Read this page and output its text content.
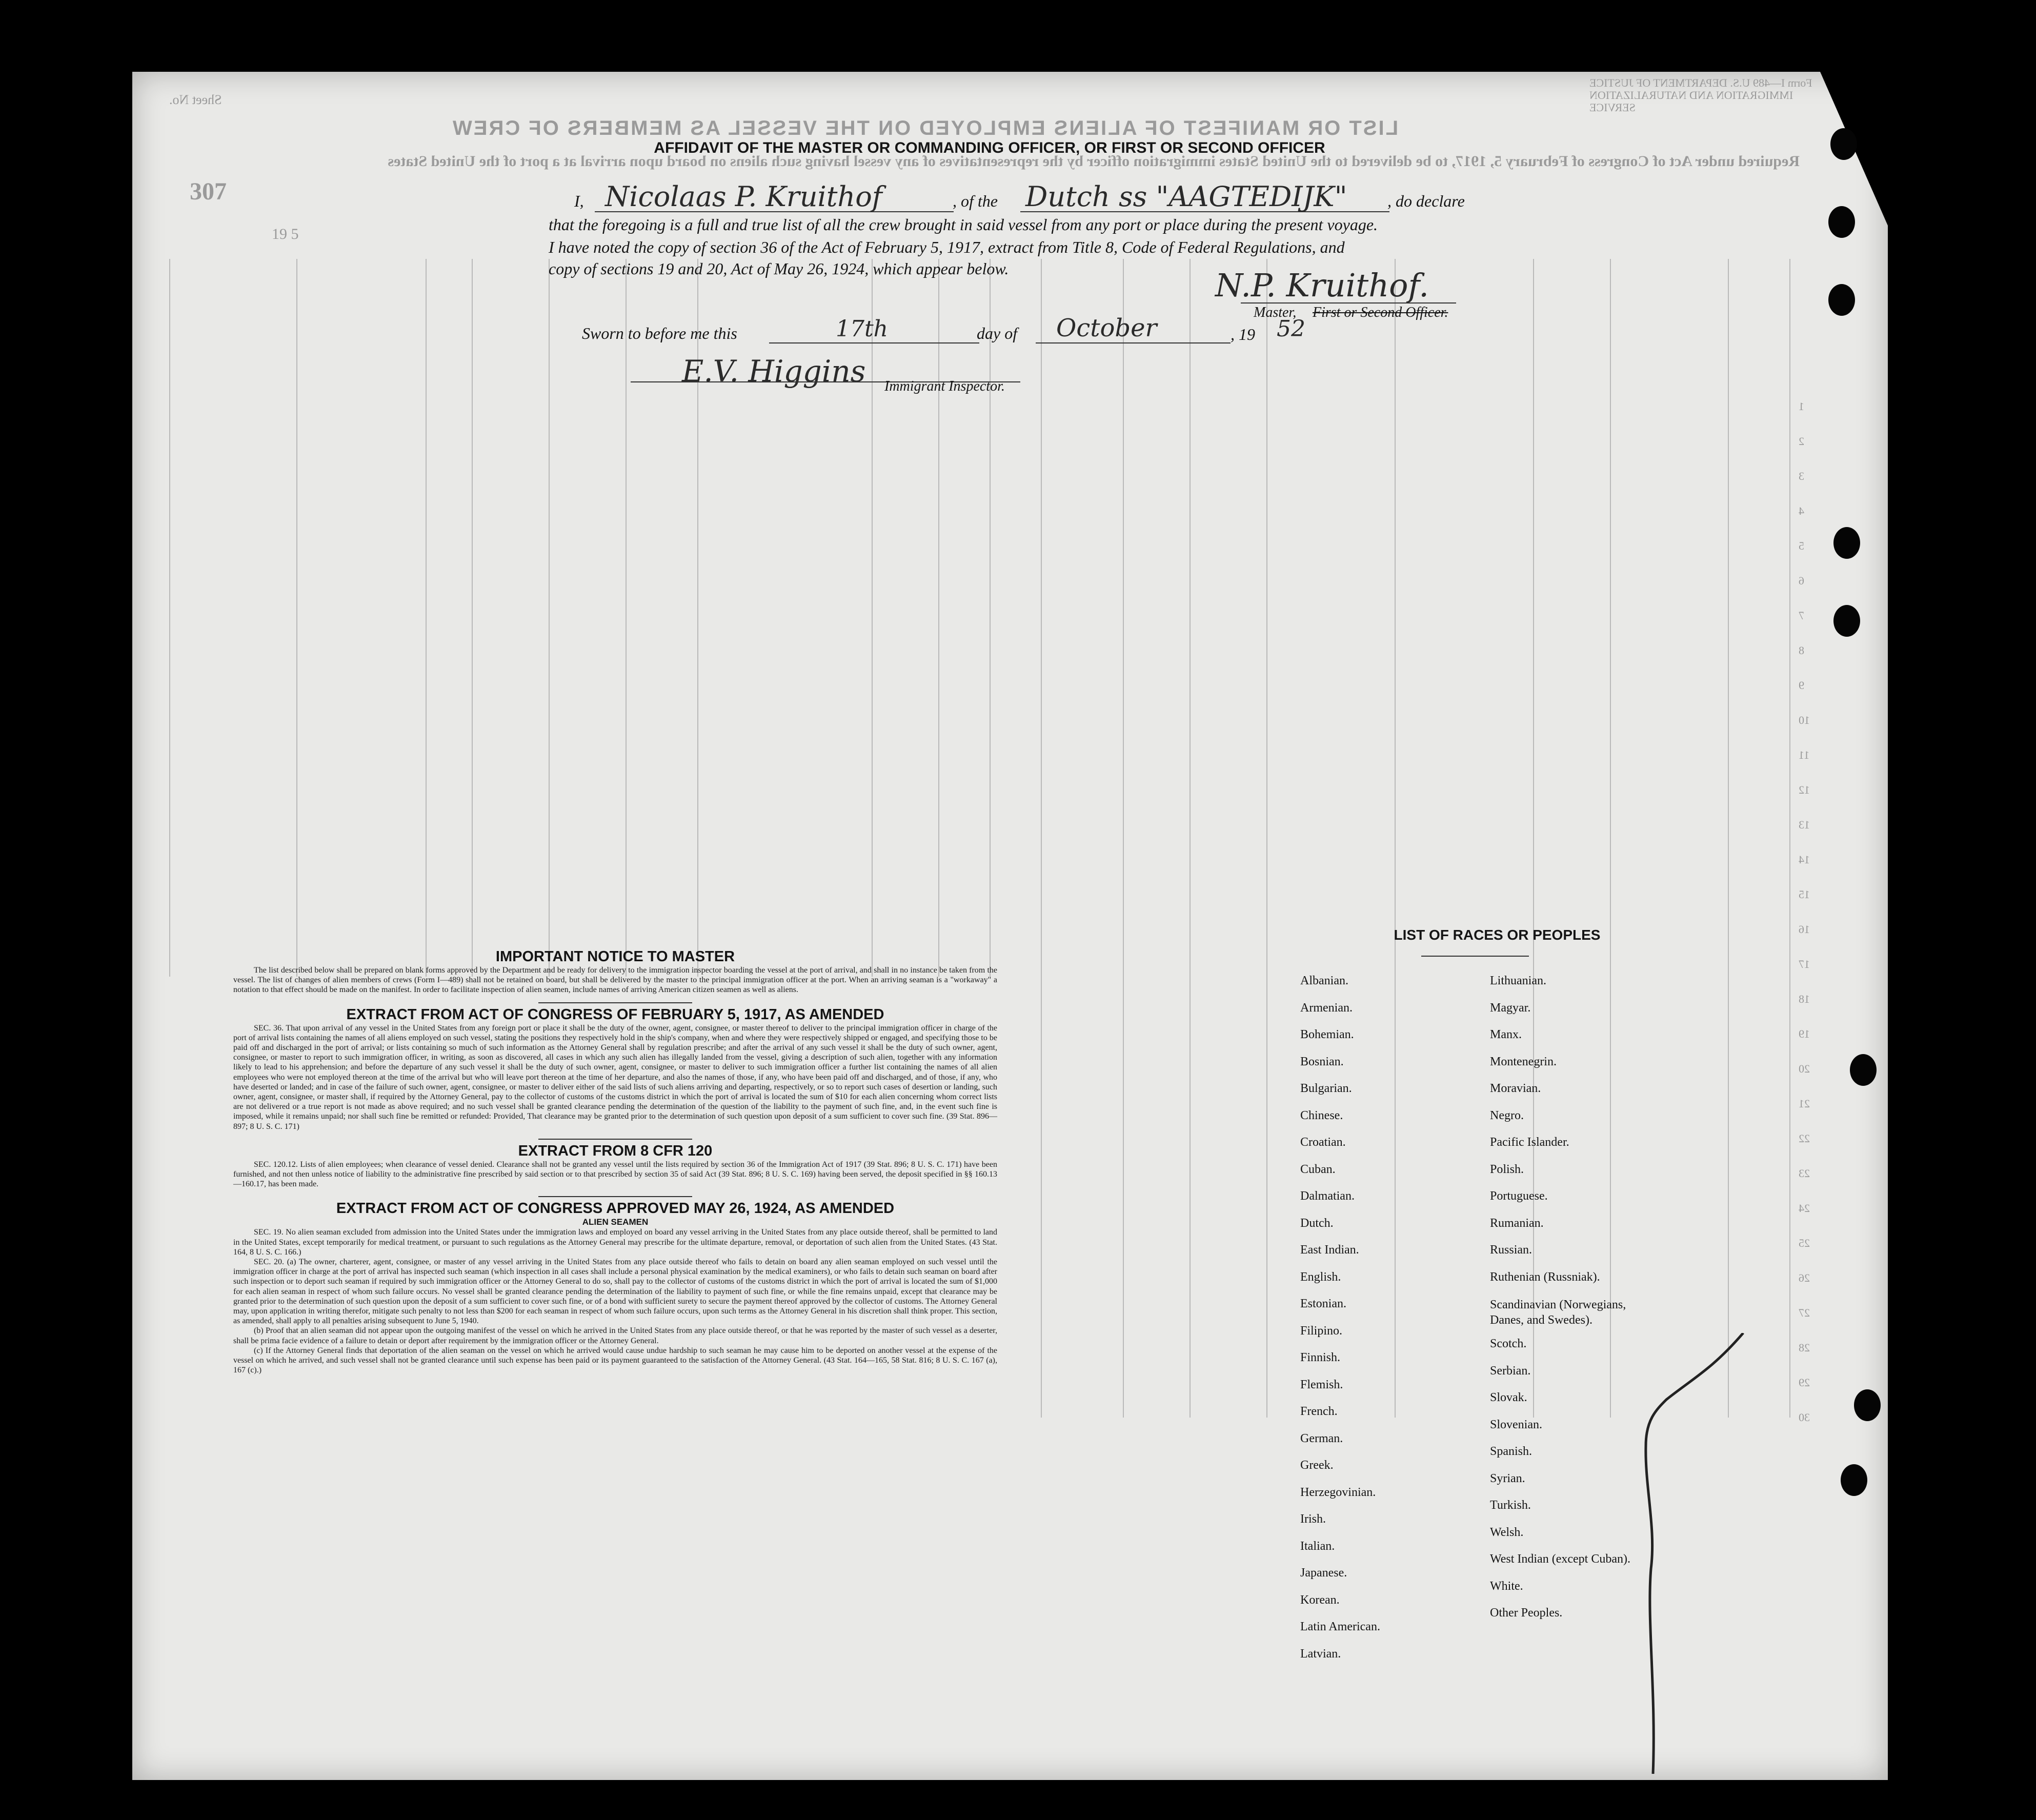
LIST OR MANIFEST OF ALIENS EMPLOYED ON THE VESSEL AS MEMBERS OF CREW
Form I—489 U.S. DEPARTMENT OF JUSTICE IMMIGRATION AND NATURALIZATION SERVICE
Required under Act of Congress of February 5, 1917, to be delivered to the United States immigration officer by the representatives of any vessel having such aliens on board upon arrival at a port of the United States
Sheet No.
307
19 5
AFFIDAVIT OF THE MASTER OR COMMANDING OFFICER, OR FIRST OR SECOND OFFICER
I, Nicolaas P. Kruithof	, of the Dutch ss "AAGTEDIJK" , do declare
that the foregoing is a full and true list of all the crew brought in said vessel from any port or place during the present voyage.
I have noted the copy of section 36 of the Act of February 5, 1917, extract from Title 8, Code of Federal Regulations, and
copy of sections 19 and 20, Act of May 26, 1924, which appear below.	N.P. Kruithof.
Master, First or Second Officer.
Sworn to before me this	17th	day of October	, 19 52
E.V. Higgins Immigrant Inspector.
IMPORTANT NOTICE TO MASTER

The list described below shall be prepared on blank forms approved by the Department and be ready for delivery to the immigration inspector boarding the vessel at the port of arrival, and shall in no instance be taken from the vessel. The list of changes of alien members of crews (Form I—489) shall not be retained on board, but shall be delivered by the master to the principal immigration officer at the port. When an arriving seaman is a "workaway" a notation to that effect should be made on the manifest. In order to facilitate inspection of alien seamen, include names of arriving American citizen seamen as well as aliens.

EXTRACT FROM ACT OF CONGRESS OF FEBRUARY 5, 1917, AS AMENDED

SEC. 36. That upon arrival of any vessel in the United States from any foreign port or place it shall be the duty of the owner, agent, consignee, or master thereof to deliver to the principal immigration officer in charge of the port of arrival lists containing the names of all aliens employed on such vessel, stating the positions they respectively hold in the ship's company, when and where they were respectively shipped or engaged, and specifying those to be paid off and discharged in the port of arrival; or lists containing so much of such information as the Attorney General shall by regulation prescribe; and after the arrival of any such vessel it shall be the duty of such owner, agent, consignee, or master to report to such immigration officer, in writing, as soon as discovered, all cases in which any such alien has illegally landed from the vessel, giving a description of such alien, together with any information likely to lead to his apprehension; and before the departure of any such vessel it shall be the duty of such owner, agent, consignee, or master to deliver to such immigration officer a further list containing the names of all alien employees who were not employed thereon at the time of the arrival but who will leave port thereon at the time of her departure, and also the names of those, if any, who have been paid off and discharged, and of those, if any, who have deserted or landed; and in case of the failure of such owner, agent, consignee, or master to deliver either of the said lists of such aliens arriving and departing, respectively, or so to report such cases of desertion or landing, such owner, agent, consignee, or master shall, if required by the Attorney General, pay to the collector of customs of the customs district in which the port of arrival is located the sum of $10 for each alien concerning whom correct lists are not delivered or a true report is not made as above required; and no such vessel shall be granted clearance pending the determination of the question of the liability to the payment of such fine, and, in the event such fine is imposed, while it remains unpaid; nor shall such fine be remitted or refunded: Provided, That clearance may be granted prior to the determination of such question upon deposit of a sum sufficient to cover such fine. (39 Stat. 896—897; 8 U. S. C. 171)

EXTRACT FROM 8 CFR 120

SEC. 120.12. Lists of alien employees; when clearance of vessel denied. Clearance shall not be granted any vessel until the lists required by section 36 of the Immigration Act of 1917 (39 Stat. 896; 8 U. S. C. 171) have been furnished, and not then unless notice of liability to the administrative fine prescribed by said section or to that prescribed by section 35 of said Act (39 Stat. 896; 8 U. S. C. 169) having been served, the deposit specified in §§ 160.13—160.17, has been made.

EXTRACT FROM ACT OF CONGRESS APPROVED MAY 26, 1924, AS AMENDED
ALIEN SEAMEN

SEC. 19. No alien seaman excluded from admission into the United States under the immigration laws and employed on board any vessel arriving in the United States from any place outside thereof, shall be permitted to land in the United States, except temporarily for medical treatment, or pursuant to such regulations as the Attorney General may prescribe for the ultimate departure, removal, or deportation of such alien from the United States. (43 Stat. 164, 8 U. S. C. 166.)

SEC. 20. (a) The owner, charterer, agent, consignee, or master of any vessel arriving in the United States from any place outside thereof who fails to detain on board any alien seaman employed on such vessel until the immigration officer in charge at the port of arrival has inspected such seaman (which inspection in all cases shall include a personal physical examination by the medical examiners), or who fails to detain such seaman on board after such inspection or to deport such seaman if required by such immigration officer or the Attorney General to do so, shall pay to the collector of customs of the customs district in which the port of arrival is located the sum of $1,000 for each alien seaman in respect of whom such failure occurs. No vessel shall be granted clearance pending the determination of the liability to payment of such fine, or while the fine remains unpaid, except that clearance may be granted prior to the determination of such question upon the deposit of a sum sufficient to cover such fine, or of a bond with sufficient surety to secure the payment thereof approved by the collector of customs. The Attorney General may, upon application in writing therefor, mitigate such penalty to not less than $200 for each seaman in respect of whom such failure occurs, upon such terms as the Attorney General in his discretion shall think proper. This section, as amended, shall apply to all penalties arising subsequent to June 5, 1940.

(b) Proof that an alien seaman did not appear upon the outgoing manifest of the vessel on which he arrived in the United States from any place outside thereof, or that he was reported by the master of such vessel as a deserter, shall be prima facie evidence of a failure to detain or deport after requirement by the immigration officer or the Attorney General.

(c) If the Attorney General finds that deportation of the alien seaman on the vessel on which he arrived would cause undue hardship to such seaman he may cause him to be deported on another vessel at the expense of the vessel on which he arrived, and such vessel shall not be granted clearance until such expense has been paid or its payment guaranteed to the satisfaction of the Attorney General. (43 Stat. 164—165, 58 Stat. 816; 8 U. S. C. 167 (a), 167 (c).)

LIST OF RACES OR PEOPLES
Albanian.
Armenian.
Bohemian.
Bosnian.
Bulgarian.
Chinese.
Croatian.
Cuban.
Dalmatian.
Dutch.
East Indian.
English.
Estonian.
Filipino.
Finnish.
Flemish.
French.
German.
Greek.
Herzegovinian.
Irish.
Italian.
Japanese.
Korean.
Latin American.
Latvian.
Lithuanian.
Magyar.
Manx.
Montenegrin.
Moravian.
Negro.
Pacific Islander.
Polish.
Portuguese.
Rumanian.
Russian.
Ruthenian (Russniak).
Scandinavian (Norwegians, Danes, and Swedes).
Scotch.
Serbian.
Slovak.
Slovenian.
Spanish.
Syrian.
Turkish.
Welsh.
West Indian (except Cuban).
White.
Other Peoples.
1
2
3
4
5
6
7
8
9
10
11
12
13
14
15
16
17
18
19
20
21
22
23
24
25
26
27
28
29
30
